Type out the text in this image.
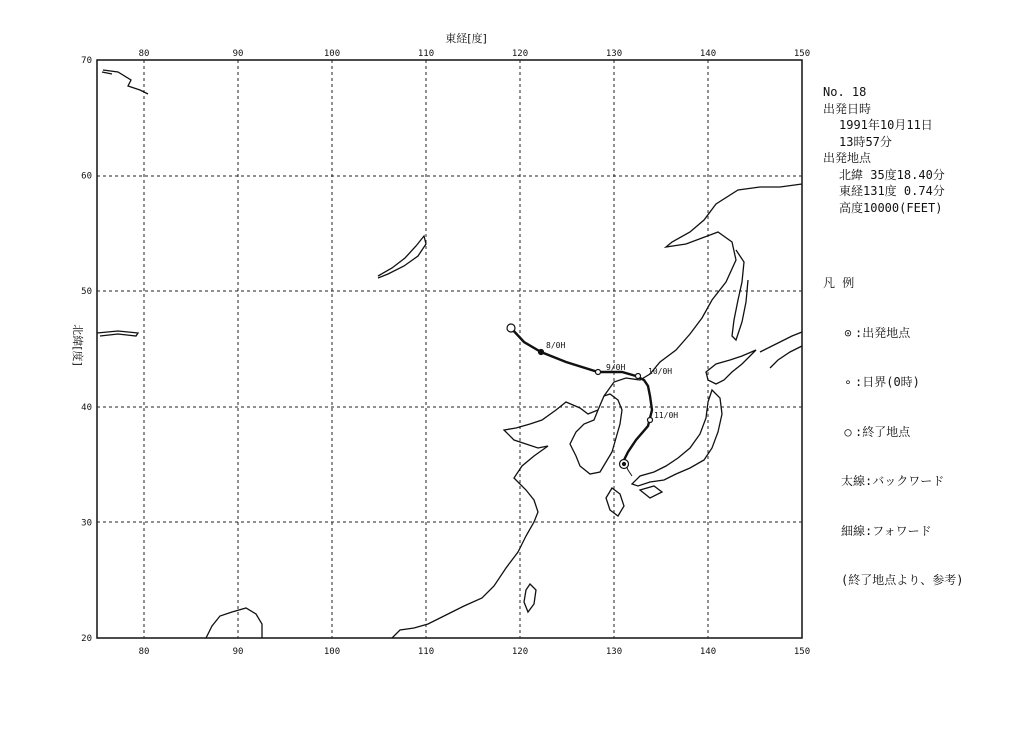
80	90	100	110	120	130	140	150
80	90	100	110	120	130	140	150
70
60
50
40
30
20
東経[度]
北緯[度]	8/0H
9/0H	10/0H
11/0H
No. 18
出発日時
1991年10月11日
13時57分
出発地点
北緯 35度18.40分
東経131度 0.74分
高度10000(FEET)

凡 例

⊙ :出発地点

∘ :日界(0時)

○ :終了地点

太線:バックワード

細線:フォワード

(終了地点より、参考)
